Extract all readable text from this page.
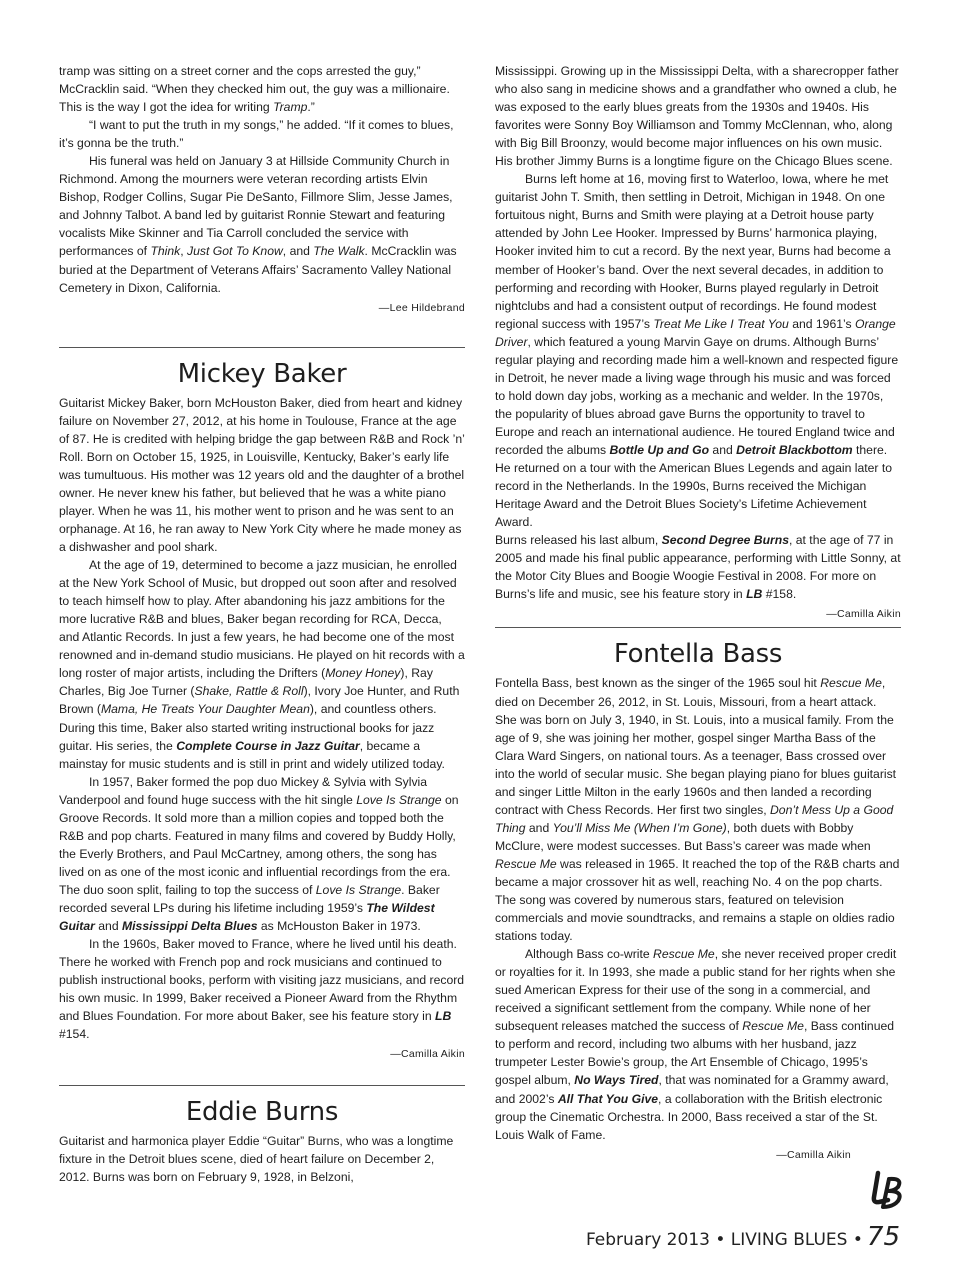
tramp was sitting on a street corner and the cops arrested the guy,” McCracklin said. “When they checked him out, the guy was a millionaire. This is the way I got the idea for writing Tramp.”

“I want to put the truth in my songs,” he added. “If it comes to blues, it’s gonna be the truth.”

His funeral was held on January 3 at Hillside Community Church in Richmond. Among the mourners were veteran recording artists Elvin Bishop, Rodger Collins, Sugar Pie DeSanto, Fillmore Slim, Jesse James, and Johnny Talbot. A band led by guitarist Ronnie Stewart and featuring vocalists Mike Skinner and Tia Carroll concluded the service with performances of Think, Just Got To Know, and The Walk. McCracklin was buried at the Department of Veterans Affairs’ Sacramento Valley National Cemetery in Dixon, California.

—Lee Hildebrand

Mickey Baker

Guitarist Mickey Baker, born McHouston Baker, died from heart and kidney failure on November 27, 2012, at his home in Toulouse, France at the age of 87. He is credited with helping bridge the gap between R&B and Rock ’n’ Roll. Born on October 15, 1925, in Louisville, Kentucky, Baker’s early life was tumultuous. His mother was 12 years old and the daughter of a brothel owner. He never knew his father, but believed that he was a white piano player. When he was 11, his mother went to prison and he was sent to an orphanage. At 16, he ran away to New York City where he made money as a dishwasher and pool shark.

At the age of 19, determined to become a jazz musician, he enrolled at the New York School of Music, but dropped out soon after and resolved to teach himself how to play. After abandoning his jazz ambitions for the more lucrative R&B and blues, Baker began recording for RCA, Decca, and Atlantic Records. In just a few years, he had become one of the most renowned and in-demand studio musicians. He played on hit records with a long roster of major artists, including the Drifters (Money Honey), Ray Charles, Big Joe Turner (Shake, Rattle & Roll), Ivory Joe Hunter, and Ruth Brown (Mama, He Treats Your Daughter Mean), and countless others. During this time, Baker also started writing instructional books for jazz guitar. His series, the Complete Course in Jazz Guitar, became a mainstay for music students and is still in print and widely utilized today.

In 1957, Baker formed the pop duo Mickey & Sylvia with Sylvia Vanderpool and found huge success with the hit single Love Is Strange on Groove Records. It sold more than a million copies and topped both the R&B and pop charts. Featured in many films and covered by Buddy Holly, the Everly Brothers, and Paul McCartney, among others, the song has lived on as one of the most iconic and influential recordings from the era. The duo soon split, failing to top the success of Love Is Strange. Baker recorded several LPs during his lifetime including 1959’s The Wildest Guitar and Mississippi Delta Blues as McHouston Baker in 1973.

In the 1960s, Baker moved to France, where he lived until his death. There he worked with French pop and rock musicians and continued to publish instructional books, perform with visiting jazz musicians, and record his own music. In 1999, Baker received a Pioneer Award from the Rhythm and Blues Foundation. For more about Baker, see his feature story in LB #154.

—Camilla Aikin

Eddie Burns

Guitarist and harmonica player Eddie “Guitar” Burns, who was a longtime fixture in the Detroit blues scene, died of heart failure on December 2, 2012. Burns was born on February 9, 1928, in Belzoni,

Mississippi. Growing up in the Mississippi Delta, with a sharecropper father who also sang in medicine shows and a grandfather who owned a club, he was exposed to the early blues greats from the 1930s and 1940s. His favorites were Sonny Boy Williamson and Tommy McClennan, who, along with Big Bill Broonzy, would become major influences on his own music. His brother Jimmy Burns is a longtime figure on the Chicago Blues scene.

Burns left home at 16, moving first to Waterloo, Iowa, where he met guitarist John T. Smith, then settling in Detroit, Michigan in 1948. On one fortuitous night, Burns and Smith were playing at a Detroit house party attended by John Lee Hooker. Impressed by Burns’ harmonica playing, Hooker invited him to cut a record. By the next year, Burns had become a member of Hooker’s band. Over the next several decades, in addition to performing and recording with Hooker, Burns played regularly in Detroit nightclubs and had a consistent output of recordings. He found modest regional success with 1957’s Treat Me Like I Treat You and 1961’s Orange Driver, which featured a young Marvin Gaye on drums. Although Burns’ regular playing and recording made him a well-known and respected figure in Detroit, he never made a living wage through his music and was forced to hold down day jobs, working as a mechanic and welder. In the 1970s, the popularity of blues abroad gave Burns the opportunity to travel to Europe and reach an international audience. He toured England twice and recorded the albums Bottle Up and Go and Detroit Blackbottom there. He returned on a tour with the American Blues Legends and again later to record in the Netherlands. In the 1990s, Burns received the Michigan Heritage Award and the Detroit Blues Society’s Lifetime Achievement Award.

Burns released his last album, Second Degree Burns, at the age of 77 in 2005 and made his final public appearance, performing with Little Sonny, at the Motor City Blues and Boogie Woogie Festival in 2008. For more on Burns’s life and music, see his feature story in LB #158.

—Camilla Aikin

Fontella Bass

Fontella Bass, best known as the singer of the 1965 soul hit Rescue Me, died on December 26, 2012, in St. Louis, Missouri, from a heart attack. She was born on July 3, 1940, in St. Louis, into a musical family. From the age of 9, she was joining her mother, gospel singer Martha Bass of the Clara Ward Singers, on national tours. As a teenager, Bass crossed over into the world of secular music. She began playing piano for blues guitarist and singer Little Milton in the early 1960s and then landed a recording contract with Chess Records. Her first two singles, Don’t Mess Up a Good Thing and You’ll Miss Me (When I’m Gone), both duets with Bobby McClure, were modest successes. But Bass’s career was made when Rescue Me was released in 1965. It reached the top of the R&B charts and became a major crossover hit as well, reaching No. 4 on the pop charts. The song was covered by numerous stars, featured on television commercials and movie soundtracks, and remains a staple on oldies radio stations today.

Although Bass co-write Rescue Me, she never received proper credit or royalties for it. In 1993, she made a public stand for her rights when she sued American Express for their use of the song in a commercial, and received a significant settlement from the company. While none of her subsequent releases matched the success of Rescue Me, Bass continued to perform and record, including two albums with her husband, jazz trumpeter Lester Bowie’s group, the Art Ensemble of Chicago, 1995’s gospel album, No Ways Tired, that was nominated for a Grammy award, and 2002’s All That You Give, a collaboration with the British electronic group the Cinematic Orchestra. In 2000, Bass received a star of the St. Louis Walk of Fame.

—Camilla Aikin

February 2013 • LIVING BLUES • 75
